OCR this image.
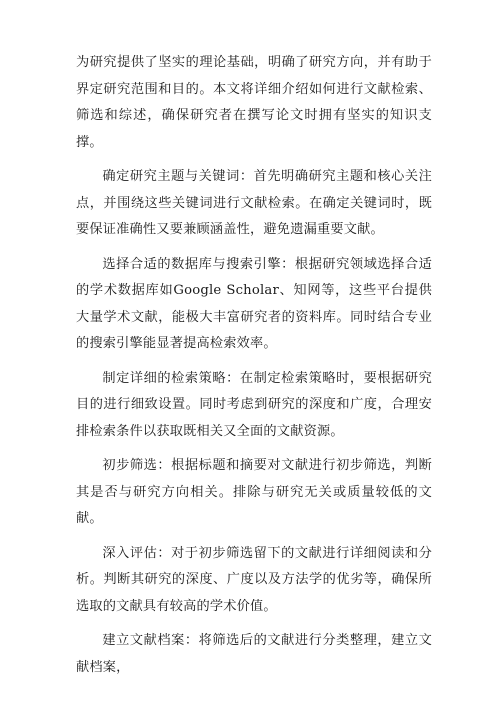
为研究提供了坚实的理论基础，明确了研究方向，并有助于界定研究范围和目的。本文将详细介绍如何进行文献检索、筛选和综述，确保研究者在撰写论文时拥有坚实的知识支撑。

确定研究主题与关键词：首先明确研究主题和核心关注点，并围绕这些关键词进行文献检索。在确定关键词时，既要保证准确性又要兼顾涵盖性，避免遗漏重要文献。

选择合适的数据库与搜索引擎：根据研究领域选择合适的学术数据库如Google Scholar、知网等，这些平台提供大量学术文献，能极大丰富研究者的资料库。同时结合专业的搜索引擎能显著提高检索效率。

制定详细的检索策略：在制定检索策略时，要根据研究目的进行细致设置。同时考虑到研究的深度和广度，合理安排检索条件以获取既相关又全面的文献资源。

初步筛选：根据标题和摘要对文献进行初步筛选，判断其是否与研究方向相关。排除与研究无关或质量较低的文献。

深入评估：对于初步筛选留下的文献进行详细阅读和分析。判断其研究的深度、广度以及方法学的优劣等，确保所选取的文献具有较高的学术价值。

建立文献档案：将筛选后的文献进行分类整理，建立文献档案，
